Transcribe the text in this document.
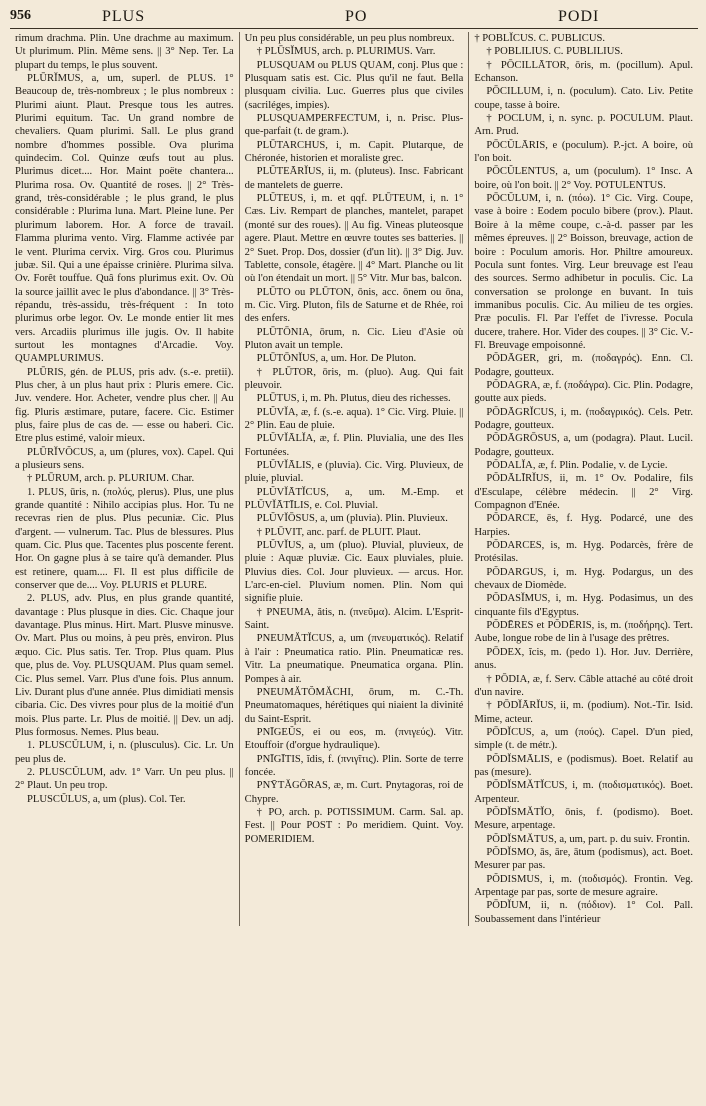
956	PLUS	PO	PODI

rimum drachma. Plin. Une drachme au maximum. Ut plurimum. Plin. Même sens. || 3° Nep. Ter. La plupart du temps, le plus souvent.

PLŪRĬMUS, a, um, superl. de PLUS. 1° Beaucoup de, très-nombreux ; le plus nombreux : Plurimi aiunt. Plaut. Presque tous les autres. Plurimi equitum. Tac. Un grand nombre de chevaliers. Quam plurimi. Sall. Le plus grand nombre d'hommes possible. Ova plurima quindecim. Col. Quinze œufs tout au plus. Plurimus dicet.... Hor. Maint poëte chantera... Plurima rosa. Ov. Quantité de roses. || 2° Très-grand, très-considérable ; le plus grand, le plus considérable : Plurima luna. Mart. Pleine lune. Per plurimum laborem. Hor. A force de travail. Flamma plurima vento. Virg. Flamme activée par le vent. Plurima cervix. Virg. Gros cou. Plurimus jubæ. Sil. Qui a une épaisse crinière. Plurima silva. Ov. Forêt touffue. Quâ fons plurimus exit. Ov. Où la source jaillit avec le plus d'abondance. || 3° Très-répandu, très-assidu, très-fréquent : In toto plurimus orbe legor. Ov. Le monde entier lit mes vers. Arcadiis plurimus ille jugis. Ov. Il habite surtout les montagnes d'Arcadie. Voy. QUAMPLURIMUS.

PLŪRIS, gén. de PLUS, pris adv. (s.-e. pretii). Plus cher, à un plus haut prix : Pluris emere. Cic. Juv. vendere. Hor. Acheter, vendre plus cher. || Au fig. Pluris æstimare, putare, facere. Cic. Estimer plus, faire plus de cas de. — esse ou haberi. Cic. Etre plus estimé, valoir mieux.

PLŪRĬVŎCUS, a, um (plures, vox). Capel. Qui a plusieurs sens.

† PLŪRUM, arch. p. PLURIUM. Char.

1. PLUS, ūris, n. (πολύς, plerus). Plus, une plus grande quantité : Nihilo accipias plus. Hor. Tu ne recevras rien de plus. Plus pecuniæ. Cic. Plus d'argent. — vulnerum. Tac. Plus de blessures. Plus quam. Cic. Plus que. Tacentes plus poscente ferent. Hor. On gagne plus à se taire qu'à demander. Plus est retinere, quam.... Fl. Il est plus difficile de conserver que de.... Voy. PLURIS et PLURE.

2. PLUS, adv. Plus, en plus grande quantité, davantage : Plus plusque in dies. Cic. Chaque jour davantage. Plus minus. Hirt. Mart. Plusve minusve. Ov. Mart. Plus ou moins, à peu près, environ. Plus æquo. Cic. Plus satis. Ter. Trop. Plus quam. Plus que, plus de. Voy. PLUSQUAM. Plus quam semel. Cic. Plus semel. Varr. Plus d'une fois. Plus annum. Liv. Durant plus d'une année. Plus dimidiati mensis cibaria. Cic. Des vivres pour plus de la moitié d'un mois. Plus parte. Lr. Plus de moitié. || Dev. un adj. Plus formosus. Nemes. Plus beau.

1. PLUSCŬLUM, i, n. (plusculus). Cic. Lr. Un peu plus de.

2. PLUSCŬLUM, adv. 1° Varr. Un peu plus. || 2° Plaut. Un peu trop.

PLUSCŬLUS, a, um (plus). Col. Ter.

Un peu plus considérable, un peu plus nombreux.

† PLŪSĬMUS, arch. p. PLURIMUS. Varr.

PLUSQUAM ou PLUS QUAM, conj. Plus que : Plusquam satis est. Cic. Plus qu'il ne faut. Bella plusquam civilia. Luc. Guerres plus que civiles (sacriléges, impies).

PLUSQUAMPERFECTUM, i, n. Prisc. Plus-que-parfait (t. de gram.).

PLŪTARCHUS, i, m. Capit. Plutarque, de Chéronée, historien et moraliste grec.

PLŬTEĀRĬUS, ii, m. (pluteus). Insc. Fabricant de mantelets de guerre.

PLŬTEUS, i, m. et qqf. PLŪTEUM, i, n. 1° Cæs. Liv. Rempart de planches, mantelet, parapet (monté sur des roues). || Au fig. Vineas pluteosque agere. Plaut. Mettre en œuvre toutes ses batteries. || 2° Suet. Prop. Dos, dossier (d'un lit). || 3° Dig. Juv. Tablette, console, étagère. || 4° Mart. Planche ou lit où l'on étendait un mort. || 5° Vitr. Mur bas, balcon.

PLŪTO ou PLŪTON, ōnis, acc. ōnem ou ōna, m. Cic. Virg. Pluton, fils de Saturne et de Rhée, roi des enfers.

PLŪTŌNIA, ōrum, n. Cic. Lieu d'Asie où Pluton avait un temple.

PLŪTŌNĬUS, a, um. Hor. De Pluton.

† PLŪTOR, ōris, m. (pluo). Aug. Qui fait pleuvoir.

PLŪTUS, i, m. Ph. Plutus, dieu des richesses.

PLŬVĬA, æ, f. (s.-e. aqua). 1° Cic. Virg. Pluie. || 2° Plin. Eau de pluie.

PLŬVĬĀLĬA, æ, f. Plin. Pluvialia, une des Iles Fortunées.

PLŬVĬĀLIS, e (pluvia). Cic. Virg. Pluvieux, de pluie, pluvial.

PLŬVĬĀTĬCUS, a, um. M.-Emp. et PLŬVĬĀTĪLIS, e. Col. Pluvial.

PLŬVĬŌSUS, a, um (pluvia). Plin. Pluvieux.

† PLŪVIT, anc. parf. de PLUIT. Plaut.

PLŬVĬUS, a, um (pluo). Pluvial, pluvieux, de pluie : Aquæ pluviæ. Cic. Eaux pluviales, pluie. Pluvius dies. Col. Jour pluvieux. — arcus. Hor. L'arc-en-ciel. Pluvium nomen. Plin. Nom qui signifie pluie.

† PNEUMA, ătis, n. (πνεῦμα). Alcim. L'Esprit-Saint.

PNEUMĂTĬCUS, a, um (πνευματικός). Relatif à l'air : Pneumatica ratio. Plin. Pneumaticæ res. Vitr. La pneumatique. Pneumatica organa. Plin. Pompes à air.

PNEUMĂTŎMĂCHI, ōrum, m. C.-Th. Pneumatomaques, hérétiques qui niaient la divinité du Saint-Esprit.

PNĪGEŬS, ei ou eos, m. (πνιγεύς). Vitr. Etouffoir (d'orgue hydraulique).

PNĪGĪTIS, ĭdis, f. (πνιγῖτις). Plin. Sorte de terre foncée.

PNȲTĂGŎRAS, æ, m. Curt. Pnytagoras, roi de Chypre.

† PO, arch. p. POTISSIMUM. Carm. Sal. ap. Fest. || Pour POST : Po meridiem. Quint. Voy. POMERIDIEM.

† POBLĬCUS. C. PUBLICUS.

† POBLILIUS. C. PUBLILIUS.

† PŌCILLĀTOR, ōris, m. (pocillum). Apul. Echanson.

PŌCILLUM, i, n. (poculum). Cato. Liv. Petite coupe, tasse à boire.

† POCLUM, i, n. sync. p. POCULUM. Plaut. Arn. Prud.

PŌCŬLĀRIS, e (poculum). P.-jct. A boire, où l'on boit.

PŌCŬLENTUS, a, um (poculum). 1° Insc. A boire, où l'on boit. || 2° Voy. POTULENTUS.

PŌCŬLUM, i, n. (πόω). 1° Cic. Virg. Coupe, vase à boire : Eodem poculo bibere (prov.). Plaut. Boire à la même coupe, c.-à-d. passer par les mêmes épreuves. || 2° Boisson, breuvage, action de boire : Poculum amoris. Hor. Philtre amoureux. Pocula sunt fontes. Virg. Leur breuvage est l'eau des sources. Sermo adhibetur in poculis. Cic. La conversation se prolonge en buvant. In tuis immanibus poculis. Cic. Au milieu de tes orgies. Præ poculis. Fl. Par l'effet de l'ivresse. Pocula ducere, trahere. Hor. Vider des coupes. || 3° Cic. V.-Fl. Breuvage empoisonné.

PŎDĀGER, gri, m. (ποδαγρός). Enn. Cl. Podagre, goutteux.

PŎDAGRA, æ, f. (ποδάγρα). Cic. Plin. Podagre, goutte aux pieds.

PŎDĀGRĬCUS, i, m. (ποδαγρικός). Cels. Petr. Podagre, goutteux.

PŎDĀGRŌSUS, a, um (podagra). Plaut. Lucil. Podagre, goutteux.

PŎDALĬA, æ, f. Plin. Podalie, v. de Lycie.

PŎDĀLĪRĬUS, ii, m. 1° Ov. Podalire, fils d'Esculape, célèbre médecin. || 2° Virg. Compagnon d'Enée.

PŎDARCE, ēs, f. Hyg. Podarcé, une des Harpies.

PŎDARCES, is, m. Hyg. Podarcès, frère de Protésilas.

PŎDARGUS, i, m. Hyg. Podargus, un des chevaux de Diomède.

PŎDASĬMUS, i, m. Hyg. Podasimus, un des cinquante fils d'Egyptus.

PŎDĒRES et PŎDĒRIS, is, m. (ποδήρης). Tert. Aube, longue robe de lin à l'usage des prêtres.

PŌDEX, ĭcis, m. (pedo 1). Hor. Juv. Derrière, anus.

† PŌDIA, æ, f. Serv. Câble attaché au côté droit d'un navire.

† PŌDĬĀRĬUS, ii, m. (podium). Not.-Tir. Isid. Mime, acteur.

PŌDĬCUS, a, um (πούς). Capel. D'un pied, simple (t. de métr.).

PŎDĬSMĀLIS, e (podismus). Boet. Relatif au pas (mesure).

PŎDĬSMĂTĬCUS, i, m. (ποδισματικός). Boet. Arpenteur.

PŎDĬSMĂTĬO, ōnis, f. (podismo). Boet. Mesure, arpentage.

PŎDĬSMĂTUS, a, um, part. p. du suiv. Frontin.

PŎDĬSMO, ās, āre, ātum (podismus), act. Boet. Mesurer par pas.

PŎDISMUS, i, m. (ποδισμός). Frontin. Veg. Arpentage par pas, sorte de mesure agraire.

PŌDĬUM, ii, n. (πόδιον). 1° Col. Pall. Soubassement dans l'intérieur
